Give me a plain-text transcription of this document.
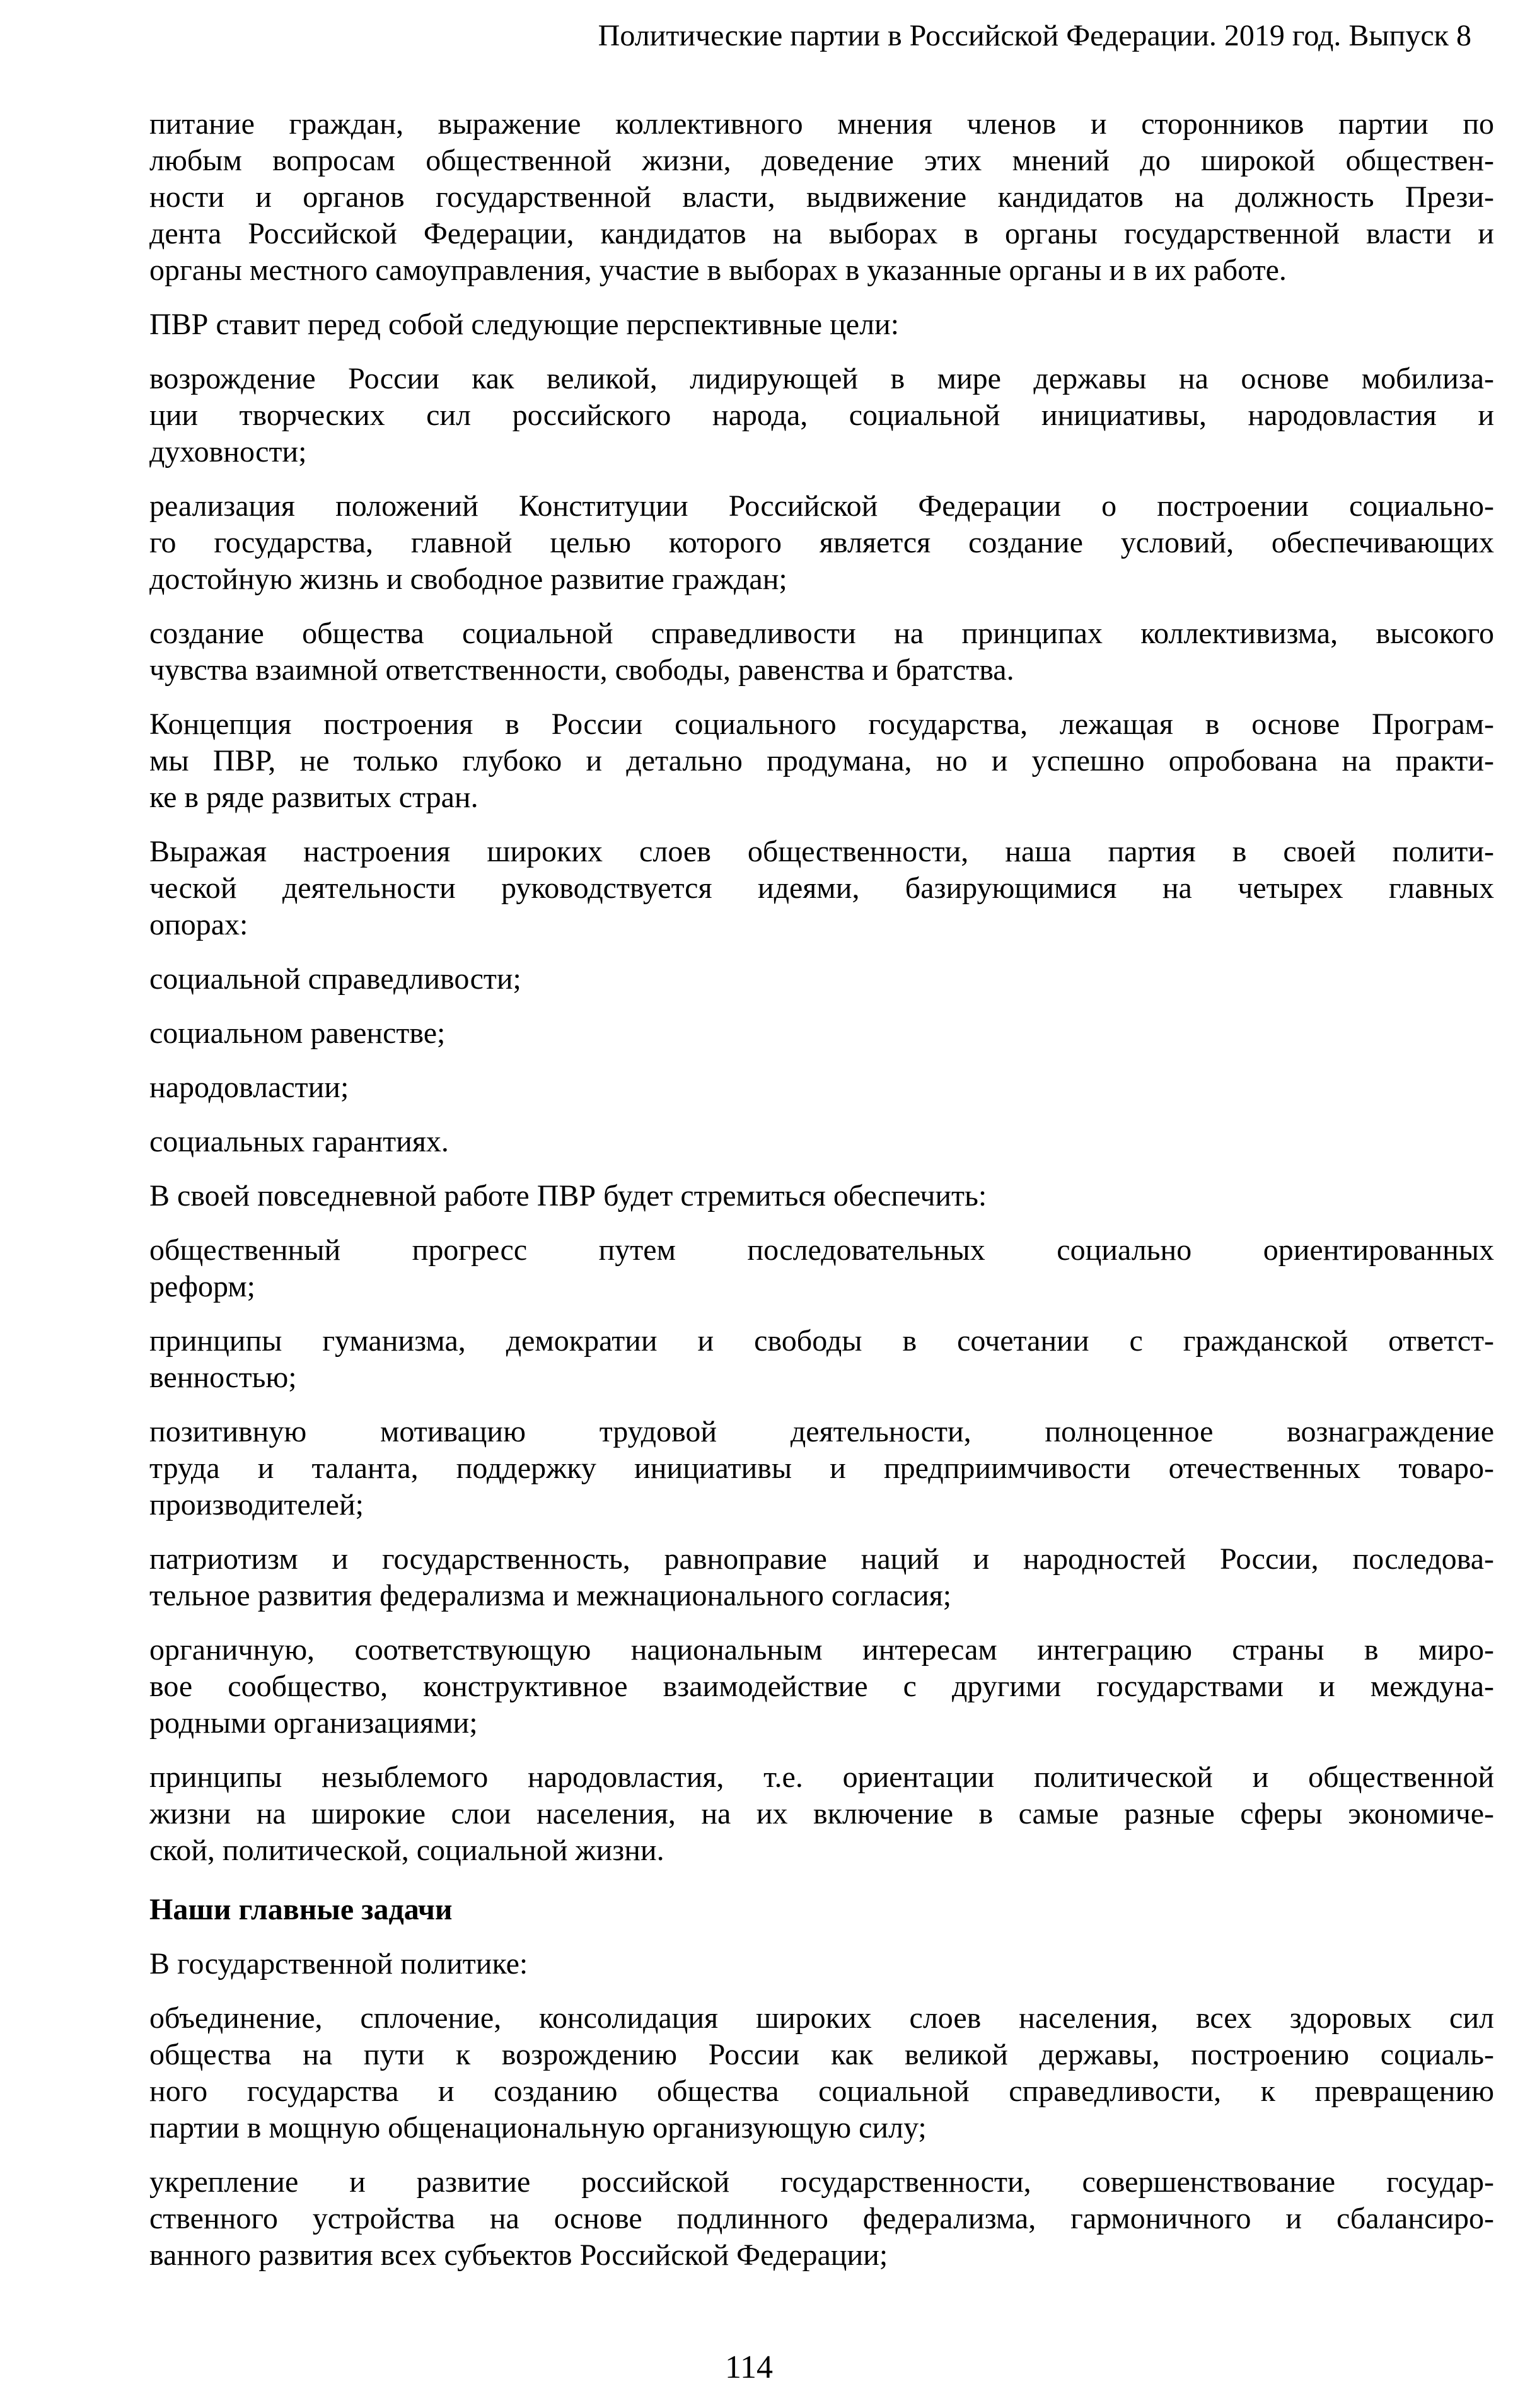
Политические партии в Российской Федерации. 2019 год. Выпуск 8
питание граждан, выражение коллективного мнения членов и сторонников партии по
любым вопросам общественной жизни, доведение этих мнений до широкой обществен-
ности и органов государственной власти, выдвижение кандидатов на должность Прези-
дента Российской Федерации, кандидатов на выборах в органы государственной власти и
органы местного самоуправления, участие в выборах в указанные органы и в их работе.
ПВР ставит перед собой следующие перспективные цели:
возрождение России как великой, лидирующей в мире державы на основе мобилиза-
ции творческих сил российского народа, социальной инициативы, народовластия и
духовности;
реализация положений Конституции Российской Федерации о построении социально-
го государства, главной целью которого является создание условий, обеспечивающих
достойную жизнь и свободное развитие граждан;
создание общества социальной справедливости на принципах коллективизма, высокого
чувства взаимной ответственности, свободы, равенства и братства.
Концепция построения в России социального государства, лежащая в основе Програм-
мы ПВР, не только глубоко и детально продумана, но и успешно опробована на практи-
ке в ряде развитых стран.
Выражая настроения широких слоев общественности, наша партия в своей полити-
ческой деятельности руководствуется идеями, базирующимися на четырех главных
опорах:
социальной справедливости;
социальном равенстве;
народовластии;
социальных гарантиях.
В своей повседневной работе ПВР будет стремиться обеспечить:
общественный прогресс путем последовательных социально ориентированных
реформ;
принципы гуманизма, демократии и свободы в сочетании с гражданской ответст-
венностью;
позитивную мотивацию трудовой деятельности, полноценное вознаграждение
труда и таланта, поддержку инициативы и предприимчивости отечественных товаро-
производителей;
патриотизм и государственность, равноправие наций и народностей России, последова-
тельное развития федерализма и межнационального согласия;
органичную, соответствующую национальным интересам интеграцию страны в миро-
вое сообщество, конструктивное взаимодействие с другими государствами и междуна-
родными организациями;
принципы незыблемого народовластия, т.е. ориентации политической и общественной
жизни на широкие слои населения, на их включение в самые разные сферы экономиче-
ской, политической, социальной жизни.
Наши главные задачи
В государственной политике:
объединение, сплочение, консолидация широких слоев населения, всех здоровых сил
общества на пути к возрождению России как великой державы, построению социаль-
ного государства и созданию общества социальной справедливости, к превращению
партии в мощную общенациональную организующую силу;
укрепление и развитие российской государственности, совершенствование государ-
ственного устройства на основе подлинного федерализма, гармоничного и сбалансиро-
ванного развития всех субъектов Российской Федерации;
114
